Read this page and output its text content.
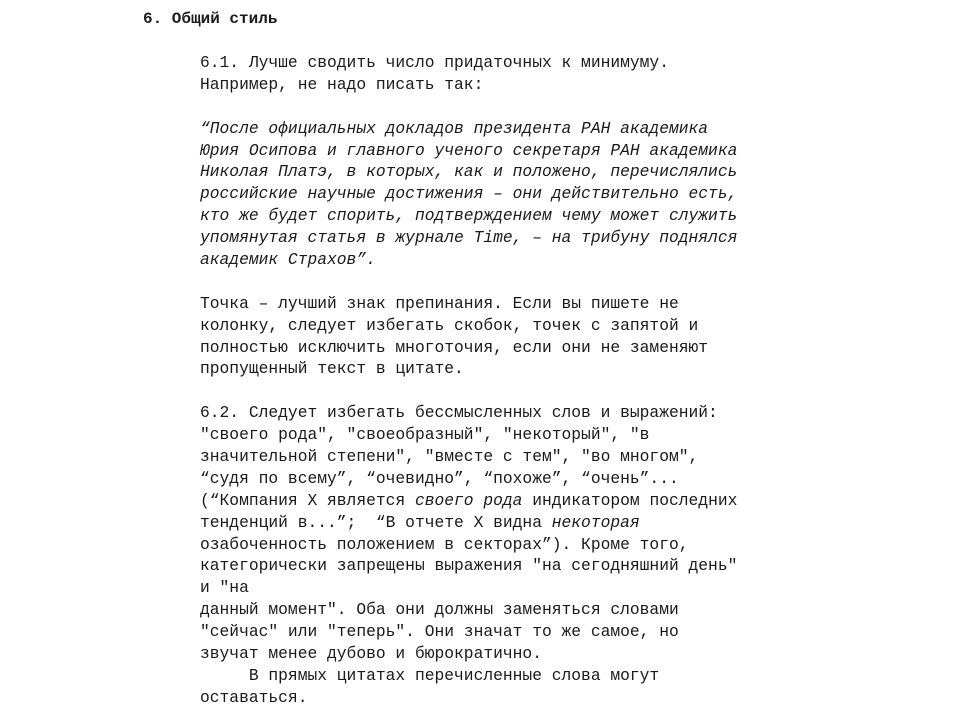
6. Общий стиль
6.1. Лучше сводить число придаточных к минимуму.
Например, не надо писать так:
“После официальных докладов президента РАН академика
Юрия Осипова и главного ученого секретаря РАН академика
Николая Платэ, в которых, как и положено, перечислялись
российские научные достижения – они действительно есть,
кто же будет спорить, подтверждением чему может служить
упомянутая статья в журнале Time, – на трибуну поднялся
академик Страхов”.
Точка – лучший знак препинания. Если вы пишете не
колонку, следует избегать скобок, точек с запятой и
полностью исключить многоточия, если они не заменяют
пропущенный текст в цитате.
6.2. Следует избегать бессмысленных слов и выражений:
"своего рода", "своеобразный", "некоторый", "в
значительной степени", "вместе с тем", "во многом",
“судя по всему”, “очевидно”, “похоже”, “очень”...
(“Компания X является своего рода индикатором последних
тенденций в...”;  “В отчете X видна некоторая
озабоченность положением в секторах”). Кроме того,
категорически запрещены выражения "на сегодняшний день"
и "на
данный момент". Оба они должны заменяться словами
"сейчас" или "теперь". Они значат то же самое, но
звучат менее дубово и бюрократично.
В прямых цитатах перечисленные слова могут
оставаться.
